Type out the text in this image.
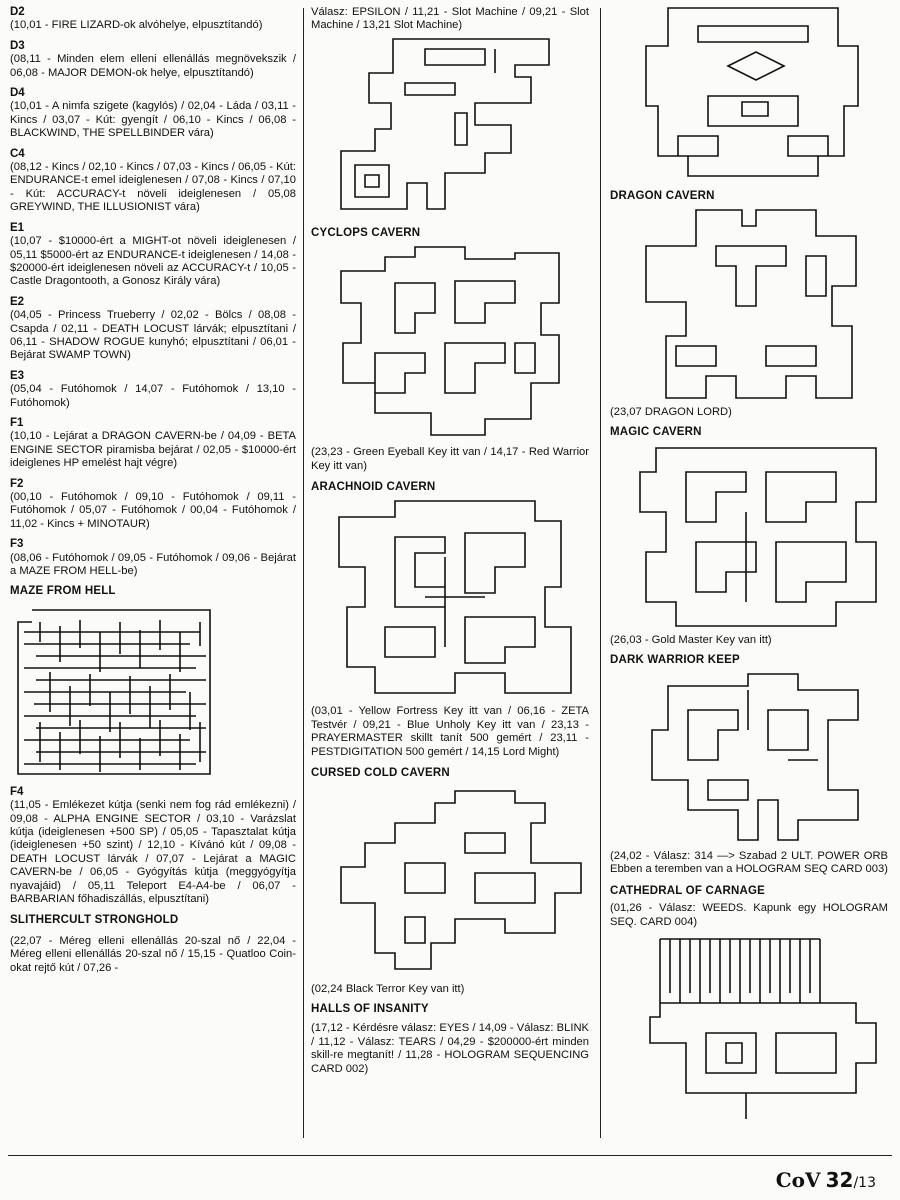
D2
(10,01 - FIRE LIZARD-ok alvóhelye, elpusztítandó)
D3
(08,11 - Minden elem elleni ellenállás megnövekszik / 06,08 - MAJOR DEMON-ok helye, elpusztítandó)
D4
(10,01 - A nimfa szigete (kagylós) / 02,04 - Láda / 03,11 - Kincs / 03,07 - Kút: gyengít / 06,10 - Kincs / 06,08 - BLACKWIND, THE SPELLBINDER vára)
C4
(08,12 - Kincs / 02,10 - Kincs / 07,03 - Kincs / 06,05 - Kút: ENDURANCE-t emel ideiglenesen / 07,08 - Kincs / 07,10 - Kút: ACCURACY-t növeli ideiglenesen / 05,08 GREYWIND, THE ILLUSIONIST vára)
E1
(10,07 - $10000-ért a MIGHT-ot növeli ideiglenesen / 05,11 $5000-ért az ENDURANCE-t ideiglenesen / 14,08 - $20000-ért ideiglenesen növeli az ACCURACY-t / 10,05 - Castle Dragontooth, a Gonosz Király vára)
E2
(04,05 - Princess Trueberry / 02,02 - Bölcs / 08,08 - Csapda / 02,11 - DEATH LOCUST lárvák; elpusztítani / 06,11 - SHADOW ROGUE kunyhó; elpusztítani / 06,01 - Bejárat SWAMP TOWN)
E3
(05,04 - Futóhomok / 14,07 - Futóhomok / 13,10 - Futóhomok)
F1
(10,10 - Lejárat a DRAGON CAVERN-be / 04,09 - BETA ENGINE SECTOR piramisba bejárat / 02,05 - $10000-ért ideiglenes HP emelést hajt végre)
F2
(00,10 - Futóhomok / 09,10 - Futóhomok / 09,11 - Futóhomok / 05,07 - Futóhomok / 00,04 - Futóhomok / 11,02 - Kincs + MINOTAUR)
F3
(08,06 - Futóhomok / 09,05 - Futóhomok / 09,06 - Bejárat a MAZE FROM HELL-be)
MAZE FROM HELL
F4
(11,05 - Emlékezet kútja (senki nem fog rád emlékezni) / 09,08 - ALPHA ENGINE SECTOR / 03,10 - Varázslat kútja (ideiglenesen +500 SP) / 05,05 - Tapasztalat kútja (ideiglenesen +50 szint) / 12,10 - Kívánó kút / 09,08 - DEATH LOCUST lárvák / 07,07 - Lejárat a MAGIC CAVERN-be / 06,05 - Gyógyítás kútja (meggyógyítja nyavajáid) / 05,11 Teleport E4-A4-be / 06,07 - BARBARIAN főhadiszállás, elpusztítani)
SLITHERCULT STRONGHOLD
(22,07 - Méreg elleni ellenállás 20-szal nő / 22,04 - Méreg elleni ellenállás 20-szal nő / 15,15 - Quatloo Coin-okat rejtő kút / 07,26 -
Válasz: EPSILON / 11,21 - Slot Machine / 09,21 - Slot Machine / 13,21 Slot Machine)
CYCLOPS CAVERN
(23,23 - Green Eyeball Key itt van / 14,17 - Red Warrior Key itt van)
ARACHNOID CAVERN
(03,01 - Yellow Fortress Key itt van / 06,16 - ZETA Testvér / 09,21 - Blue Unholy Key itt van / 23,13 - PRAYERMASTER skillt tanít 500 gemért / 23,11 - PESTDIGITATION 500 gemért / 14,15 Lord Might)
CURSED COLD CAVERN
(02,24 Black Terror Key van itt)
HALLS OF INSANITY
(17,12 - Kérdésre válasz: EYES / 14,09 - Válasz: BLINK / 11,12 - Válasz: TEARS / 04,29 - $200000-ért minden skill-re megtanít! / 11,28 - HOLOGRAM SEQUENCING CARD 002)
DRAGON CAVERN
(23,07 DRAGON LORD)
MAGIC CAVERN
(26,03 - Gold Master Key van itt)
DARK WARRIOR KEEP
(24,02 - Válasz: 314 —> Szabad 2 ULT. POWER ORB Ebben a teremben van a HOLOGRAM SEQ CARD 003)
CATHEDRAL OF CARNAGE
(01,26 - Válasz: WEEDS. Kapunk egy HOLOGRAM SEQ. CARD 004)
CoV 32/13
